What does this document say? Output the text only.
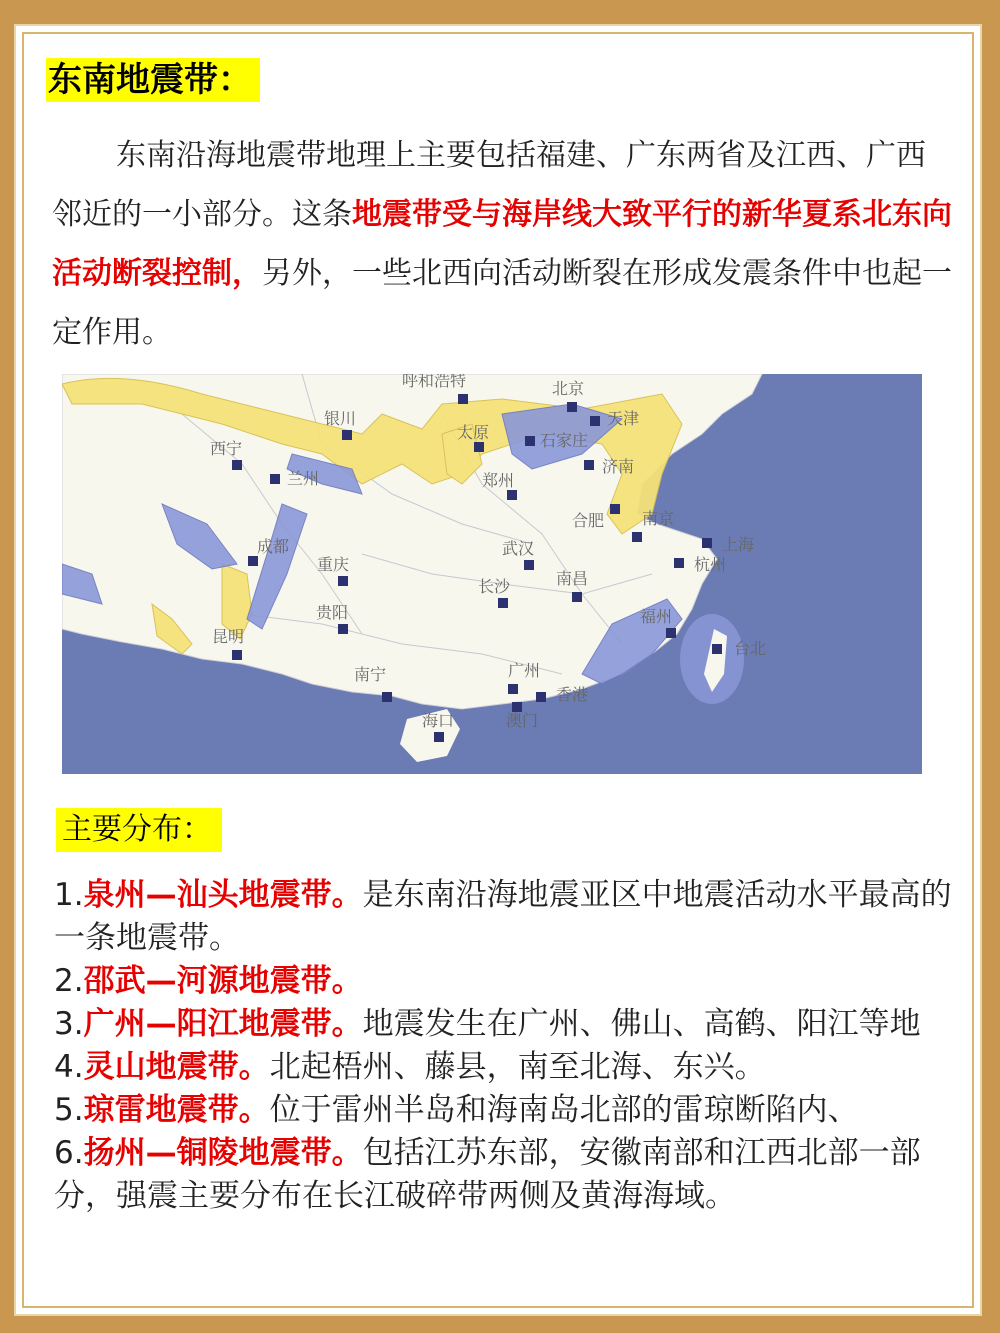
东南地震带：
东南沿海地震带地理上主要包括福建、广东两省及江西、广西邻近的一小部分。这条地震带受与海岸线大致平行的新华夏系北东向活动断裂控制，另外，一些北西向活动断裂在形成发震条件中也起一定作用。
呼和浩特	北京
天津
银川
太原	石家庄
西宁
兰州
济南
郑州
合肥 南京
上海
杭州
成都	武汉
重庆
长沙	南昌
贵阳	福州
台北
昆明
南宁	广州
香港
澳门
海口
主要分布：
1.泉州—汕头地震带。是东南沿海地震亚区中地震活动水平最高的一条地震带。
2.邵武—河源地震带。
3.广州—阳江地震带。地震发生在广州、佛山、高鹤、阳江等地
4.灵山地震带。北起梧州、藤县，南至北海、东兴。
5.琼雷地震带。位于雷州半岛和海南岛北部的雷琼断陷内、
6.扬州—铜陵地震带。包括江苏东部，安徽南部和江西北部一部分，强震主要分布在长江破碎带两侧及黄海海域。
